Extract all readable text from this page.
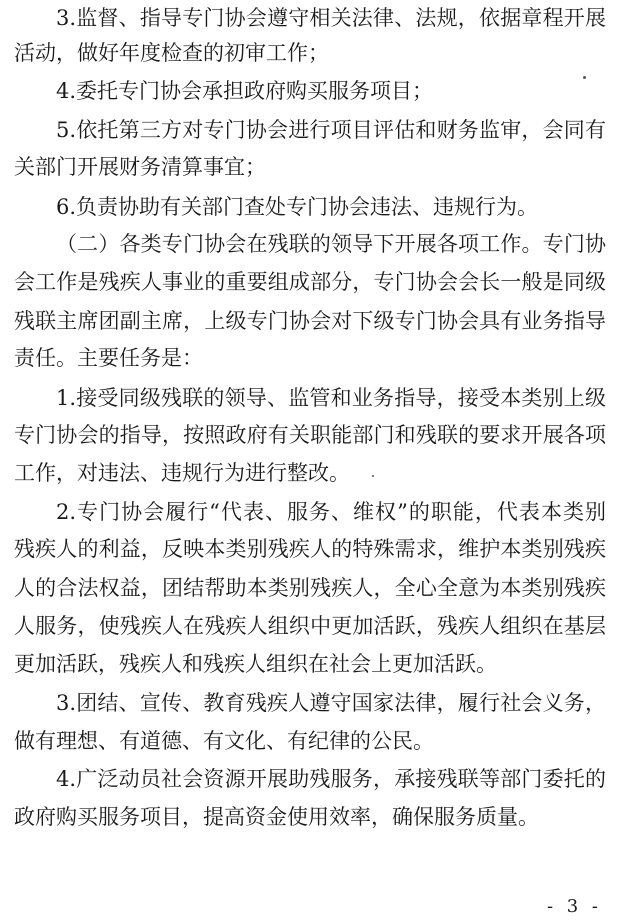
3.监督、指导专门协会遵守相关法律、法规，依据章程开展
活动，做好年度检查的初审工作；
4.委托专门协会承担政府购买服务项目；
5.依托第三方对专门协会进行项目评估和财务监审，会同有
关部门开展财务清算事宜；
6.负责协助有关部门查处专门协会违法、违规行为。
（二）各类专门协会在残联的领导下开展各项工作。专门协
会工作是残疾人事业的重要组成部分，专门协会会长一般是同级
残联主席团副主席，上级专门协会对下级专门协会具有业务指导
责任。主要任务是：
1.接受同级残联的领导、监管和业务指导，接受本类别上级
专门协会的指导，按照政府有关职能部门和残联的要求开展各项
工作，对违法、违规行为进行整改。
2.专门协会履行“代表、服务、维权”的职能，代表本类别
残疾人的利益，反映本类别残疾人的特殊需求，维护本类别残疾
人的合法权益，团结帮助本类别残疾人，全心全意为本类别残疾
人服务，使残疾人在残疾人组织中更加活跃，残疾人组织在基层
更加活跃，残疾人和残疾人组织在社会上更加活跃。
3.团结、宣传、教育残疾人遵守国家法律，履行社会义务，
做有理想、有道德、有文化、有纪律的公民。
4.广泛动员社会资源开展助残服务，承接残联等部门委托的
政府购买服务项目，提高资金使用效率，确保服务质量。
- 3 -
